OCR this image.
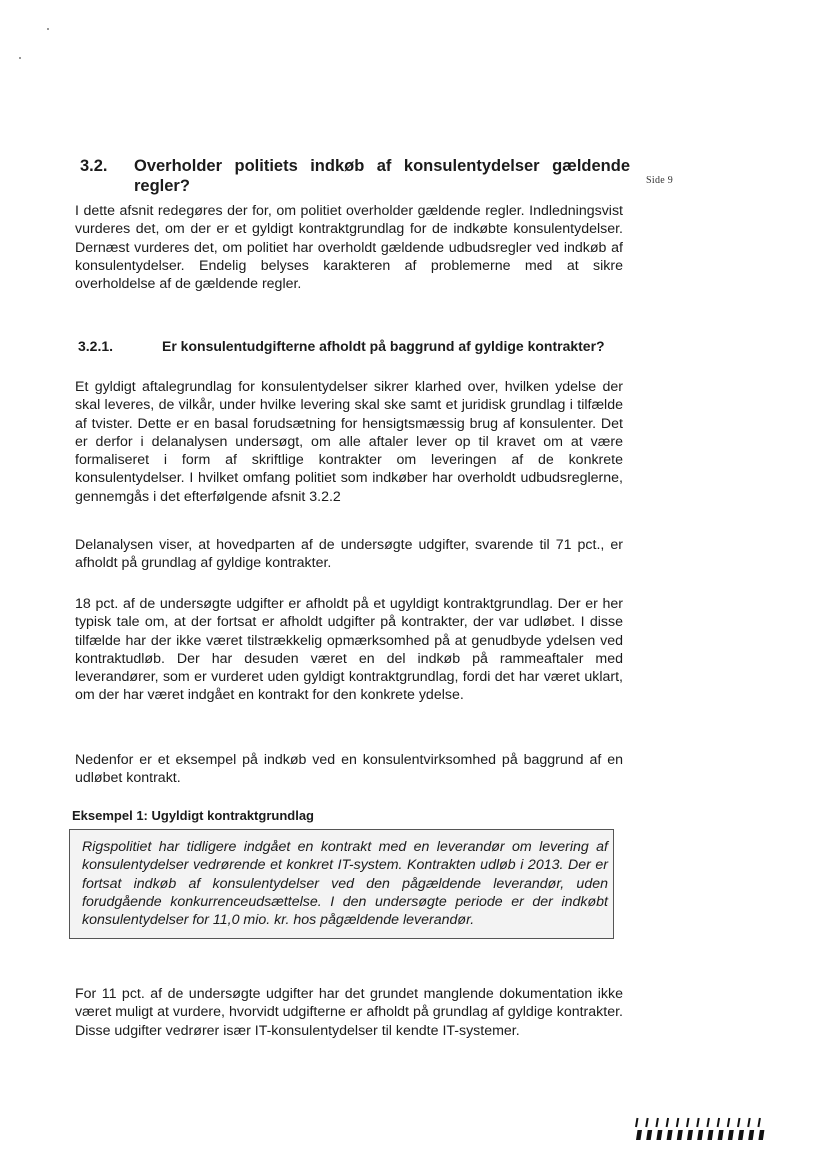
Side 9
3.2. Overholder politiets indkøb af konsulentydelser gældende regler?

I dette afsnit redegøres der for, om politiet overholder gældende regler. Indledningsvist vurderes det, om der er et gyldigt kontraktgrundlag for de indkøbte konsulentydelser. Dernæst vurderes det, om politiet har overholdt gældende udbudsregler ved indkøb af konsulentydelser. Endelig belyses karakteren af problemerne med at sikre overholdelse af de gældende regler.

3.2.1.	Er konsulentudgifterne afholdt på baggrund af gyldige kontrakter?

Et gyldigt aftalegrundlag for konsulentydelser sikrer klarhed over, hvilken ydelse der skal leveres, de vilkår, under hvilke levering skal ske samt et juridisk grundlag i tilfælde af tvister. Dette er en basal forudsætning for hensigtsmæssig brug af konsulenter. Det er derfor i delanalysen undersøgt, om alle aftaler lever op til kravet om at være formaliseret i form af skriftlige kontrakter om leveringen af de konkrete konsulentydelser. I hvilket omfang politiet som indkøber har overholdt udbudsreglerne, gennemgås i det efterfølgende afsnit 3.2.2

Delanalysen viser, at hovedparten af de undersøgte udgifter, svarende til 71 pct., er afholdt på grundlag af gyldige kontrakter.

18 pct. af de undersøgte udgifter er afholdt på et ugyldigt kontraktgrundlag. Der er her typisk tale om, at der fortsat er afholdt udgifter på kontrakter, der var udløbet. I disse tilfælde har der ikke været tilstrækkelig opmærksomhed på at genudbyde ydelsen ved kontraktudløb. Der har desuden været en del indkøb på rammeaftaler med leverandører, som er vurderet uden gyldigt kontraktgrundlag, fordi det har været uklart, om der har været indgået en kontrakt for den konkrete ydelse.

Nedenfor er et eksempel på indkøb ved en konsulentvirksomhed på baggrund af en udløbet kontrakt.

Eksempel 1: Ugyldigt kontraktgrundlag

Rigspolitiet har tidligere indgået en kontrakt med en leverandør om levering af konsulentydelser vedrørende et konkret IT-system. Kontrakten udløb i 2013. Der er fortsat indkøb af konsulentydelser ved den pågældende leverandør, uden forudgående konkurrenceudsættelse. I den undersøgte periode er der indkøbt konsulentydelser for 11,0 mio. kr. hos pågældende leverandør.

For 11 pct. af de undersøgte udgifter har det grundet manglende dokumentation ikke været muligt at vurdere, hvorvidt udgifterne er afholdt på grundlag af gyldige kontrakter. Disse udgifter vedrører især IT-konsulentydelser til kendte IT-systemer.
